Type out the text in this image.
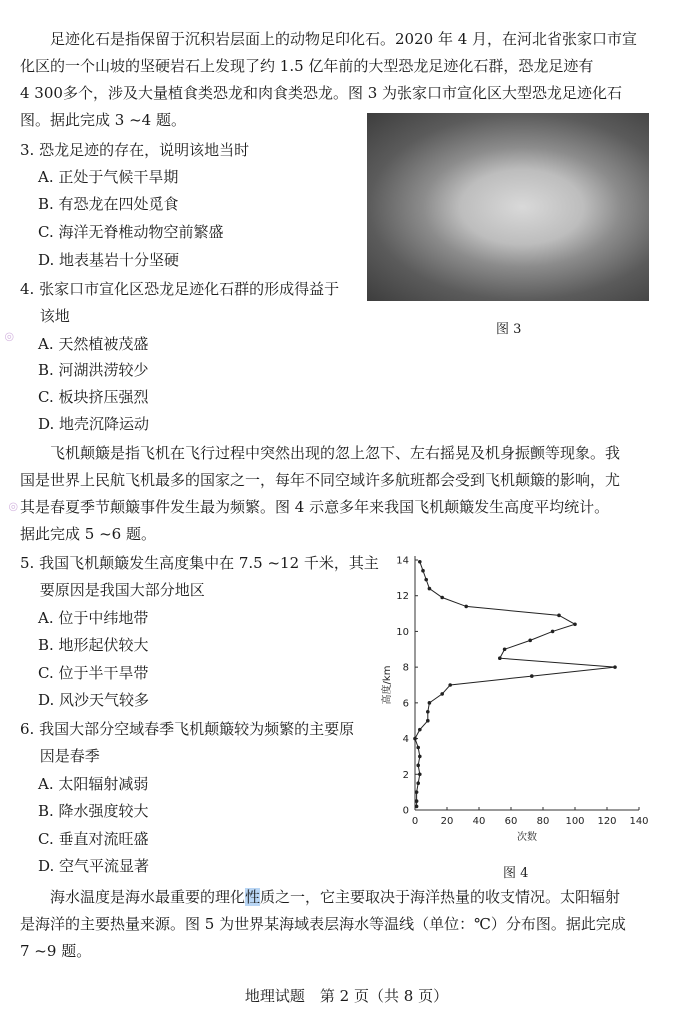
　　足迹化石是指保留于沉积岩层面上的动物足印化石。2020 年 4 月，在河北省张家口市宣
化区的一个山坡的坚硬岩石上发现了约 1.5 亿年前的大型恐龙足迹化石群，恐龙足迹有
4 300多个，涉及大量植食类恐龙和肉食类恐龙。图 3 为张家口市宣化区大型恐龙足迹化石
图。据此完成 3 ~4 题。
图 3
3. 恐龙足迹的存在，说明该地当时
A. 正处于气候干旱期
B. 有恐龙在四处觅食
C. 海洋无脊椎动物空前繁盛
D. 地表基岩十分坚硬
4. 张家口市宣化区恐龙足迹化石群的形成得益于
　 该地
A. 天然植被茂盛
B. 河湖洪涝较少
C. 板块挤压强烈
D. 地壳沉降运动
　　飞机颠簸是指飞机在飞行过程中突然出现的忽上忽下、左右摇晃及机身振颤等现象。我
国是世界上民航飞机最多的国家之一，每年不同空域许多航班都会受到飞机颠簸的影响，尤
其是春夏季节颠簸事件发生最为频繁。图 4 示意多年来我国飞机颠簸发生高度平均统计。
据此完成 5 ~6 题。
5. 我国飞机颠簸发生高度集中在 7.5 ~12 千米，其主
　 要原因是我国大部分地区
A. 位于中纬地带
B. 地形起伏较大
C. 位于半干旱带
D. 风沙天气较多
6. 我国大部分空域春季飞机颠簸较为频繁的主要原
　 因是春季
A. 太阳辐射减弱
B. 降水强度较大
C. 垂直对流旺盛
D. 空气平流显著
0 20 40 60 80 100 120 140
0
2
4
6
8
10
12
14
次数
高度/km
图 4
　　海水温度是海水最重要的理化性质之一，它主要取决于海洋热量的收支情况。太阳辐射
是海洋的主要热量来源。图 5 为世界某海域表层海水等温线（单位：℃）分布图。据此完成
7 ~9 题。
地理试题　第 2 页（共 8 页）
◎
◎
